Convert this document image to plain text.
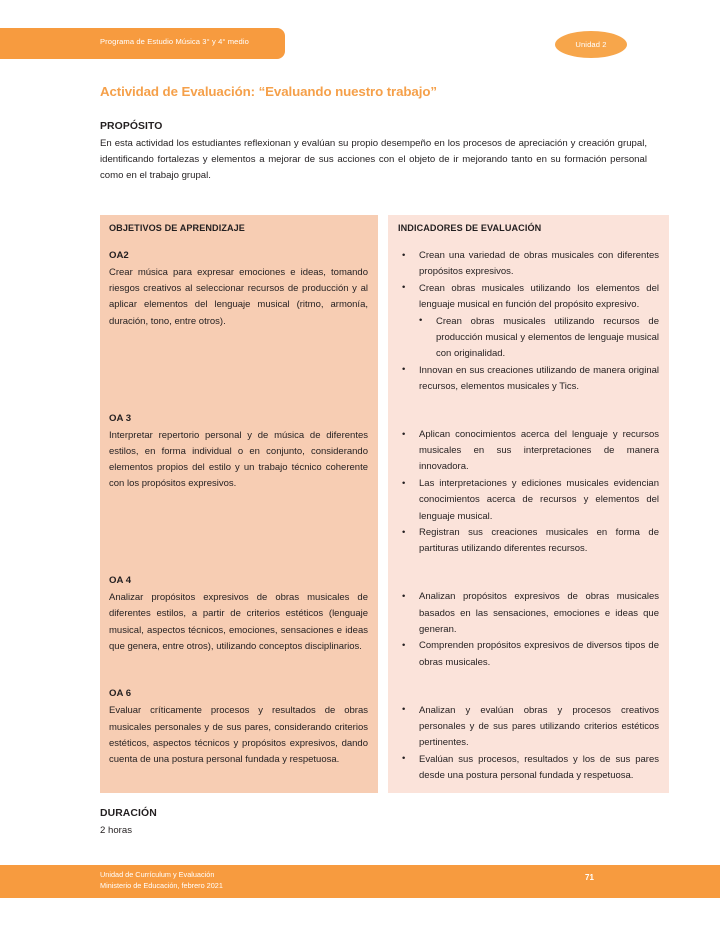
Programa de Estudio Música 3° y 4° medio	Unidad 2
Actividad de Evaluación: “Evaluando nuestro trabajo”
PROPÓSITO
En esta actividad los estudiantes reflexionan y evalúan su propio desempeño en los procesos de apreciación y creación grupal, identificando fortalezas y elementos a mejorar de sus acciones con el objeto de ir mejorando tanto en su formación personal como en el trabajo grupal.
OBJETIVOS DE APRENDIZAJE	INDICADORES DE EVALUACIÓN
OA2
Crear música para expresar emociones e ideas, tomando riesgos creativos al seleccionar recursos de producción y al aplicar elementos del lenguaje musical (ritmo, armonía, duración, tono, entre otros).
• Crean una variedad de obras musicales con diferentes propósitos expresivos.
• Crean obras musicales utilizando los elementos del lenguaje musical en función del propósito expresivo.
• Crean obras musicales utilizando recursos de producción musical y elementos de lenguaje musical con originalidad.
• Innovan en sus creaciones utilizando de manera original recursos, elementos musicales y Tics.
OA 3
Interpretar repertorio personal y de música de diferentes estilos, en forma individual o en conjunto, considerando elementos propios del estilo y un trabajo técnico coherente con los propósitos expresivos.
• Aplican conocimientos acerca del lenguaje y recursos musicales en sus interpretaciones de manera innovadora.
• Las interpretaciones y ediciones musicales evidencian conocimientos acerca de recursos y elementos del lenguaje musical.
• Registran sus creaciones musicales en forma de partituras utilizando diferentes recursos.
OA 4
Analizar propósitos expresivos de obras musicales de diferentes estilos, a partir de criterios estéticos (lenguaje musical, aspectos técnicos, emociones, sensaciones e ideas que genera, entre otros), utilizando conceptos disciplinarios.
• Analizan propósitos expresivos de obras musicales basados en las sensaciones, emociones e ideas que generan.
• Comprenden propósitos expresivos de diversos tipos de obras musicales.
OA 6
Evaluar críticamente procesos y resultados de obras musicales personales y de sus pares, considerando criterios estéticos, aspectos técnicos y propósitos expresivos, dando cuenta de una postura personal fundada y respetuosa.
• Analizan y evalúan obras y procesos creativos personales y de sus pares utilizando criterios estéticos pertinentes.
• Evalúan sus procesos, resultados y los de sus pares desde una postura personal fundada y respetuosa.
DURACIÓN
2 horas
Unidad de Currículum y Evaluación
Ministerio de Educación, febrero 2021
71
